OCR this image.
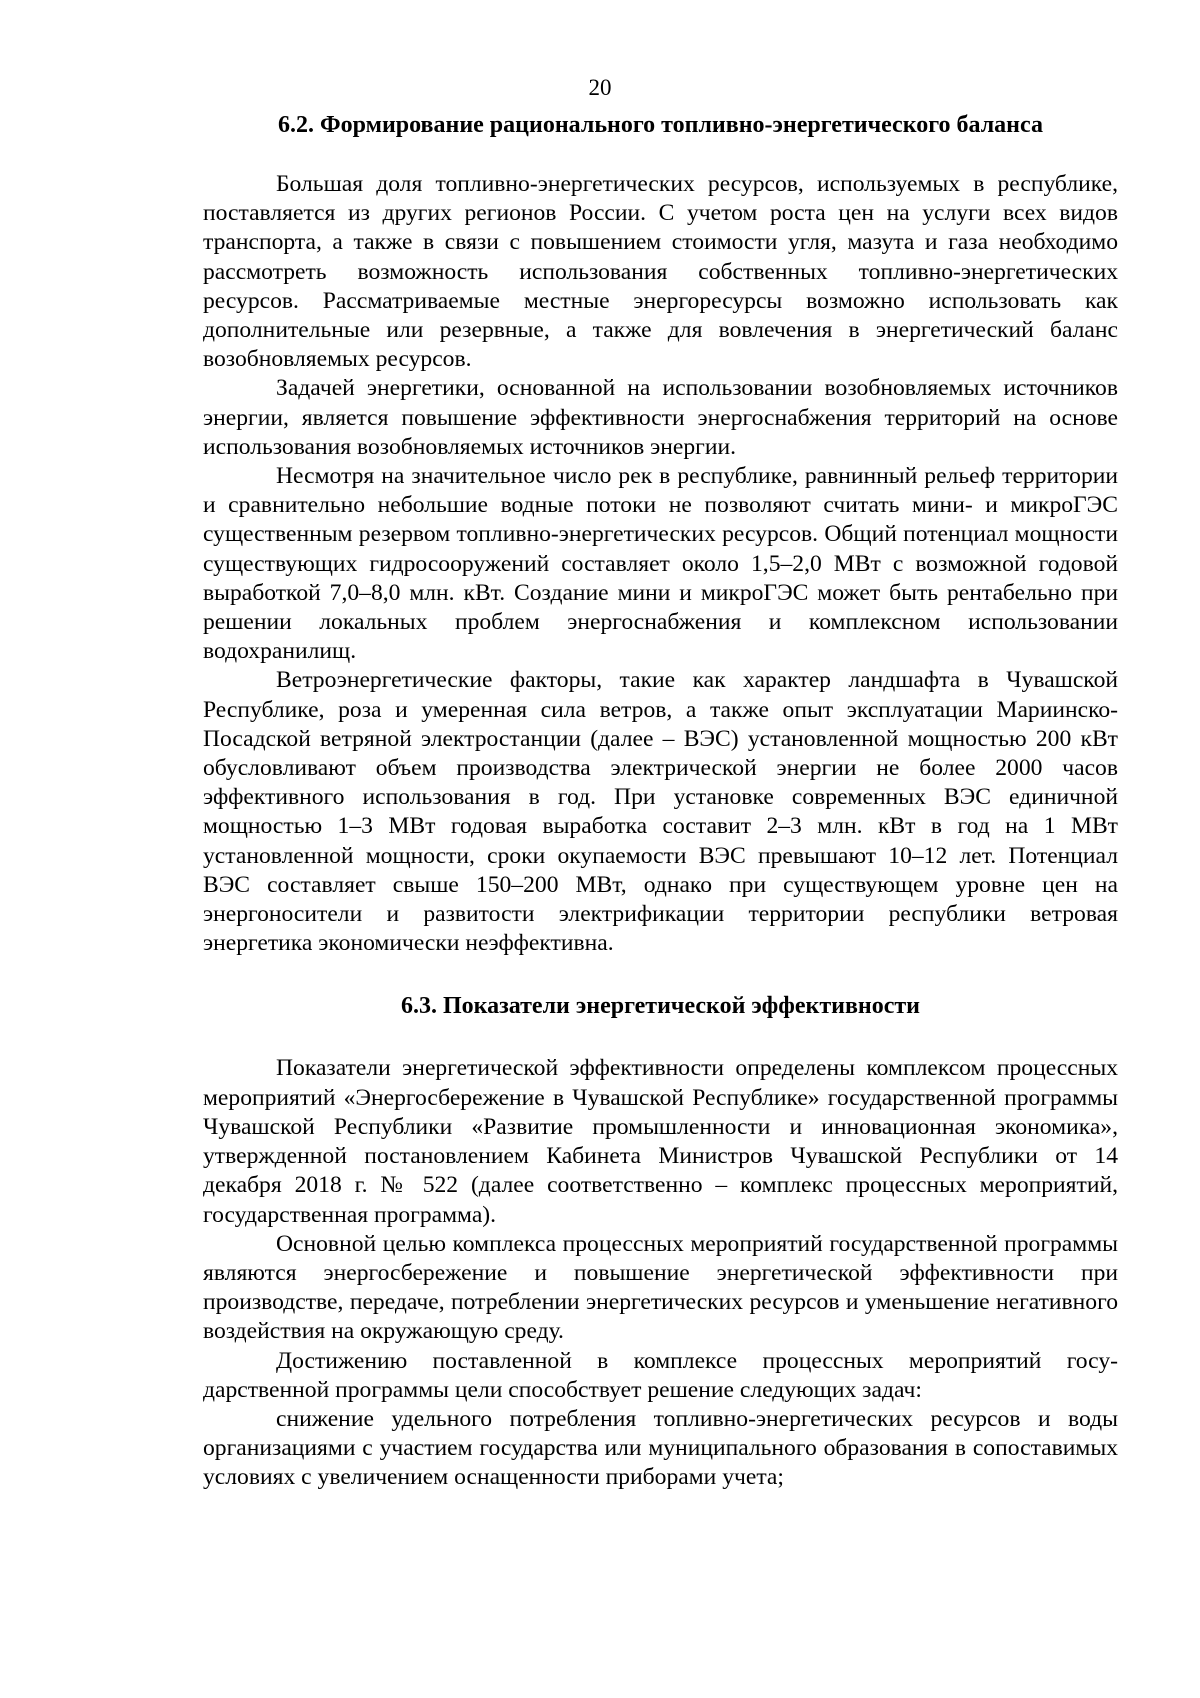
20
6.2. Формирование рационального топливно-энергетического баланса

Большая доля топливно-энергетических ресурсов, используемых в республике, поставляется из других регионов России. С учетом роста цен на услуги всех видов транспорта, а также в связи с повышением стоимости угля, мазута и газа необходимо рассмотреть возможность использования собственных топливно-энергетических ресурсов. Рассматриваемые местные энергоресурсы возможно использовать как дополнительные или резервные, а также для вовлечения в энергетический баланс возобновляемых ресурсов.

Задачей энергетики, основанной на использовании возобновляемых источников энергии, является повышение эффективности энергоснабжения территорий на основе использования возобновляемых источников энергии.

Несмотря на значительное число рек в республике, равнинный рельеф территории и сравнительно небольшие водные потоки не позволяют считать мини- и микроГЭС существенным резервом топливно-энергетических ресурсов. Общий потенциал мощности существующих гидросооружений составляет около 1,5–2,0 МВт с возможной годовой выработкой 7,0–8,0 млн. кВт. Создание мини и микроГЭС может быть рентабельно при решении локальных проблем энергоснабжения и комплексном использовании водохранилищ.

Ветроэнергетические факторы, такие как характер ландшафта в Чувашской Республике, роза и умеренная сила ветров, а также опыт эксплуатации Мариинско-Посадской ветряной электростанции (далее – ВЭС) установленной мощностью 200 кВт обусловливают объем производства электрической энергии не более 2000 часов эффективного использования в год. При установке современных ВЭС единичной мощностью 1–3 МВт годовая выработка составит 2–3 млн. кВт в год на 1 МВт установленной мощности, сроки окупаемости ВЭС превышают 10–12 лет. Потенциал ВЭС составляет свыше 150–200 МВт, однако при существующем уровне цен на энергоносители и развитости электрификации территории республики ветровая энергетика экономически неэффективна.

6.3. Показатели энергетической эффективности

Показатели энергетической эффективности определены комплексом процессных мероприятий «Энергосбережение в Чувашской Республике» государственной программы Чувашской Республики «Развитие промышленности и инновационная экономика», утвержденной постановлением Кабинета Министров Чувашской Республики от 14 декабря 2018 г. № 522 (далее соответственно – комплекс процессных мероприятий, государственная программа).

Основной целью комплекса процессных мероприятий государственной программы являются энергосбережение и повышение энергетической эффективности при производстве, передаче, потреблении энергетических ресурсов и уменьшение негативного воздействия на окружающую среду.

Достижению поставленной в комплексе процессных мероприятий государственной программы цели способствует решение следующих задач:

снижение удельного потребления топливно-энергетических ресурсов и воды организациями с участием государства или муниципального образования в сопоставимых условиях с увеличением оснащенности приборами учета;
